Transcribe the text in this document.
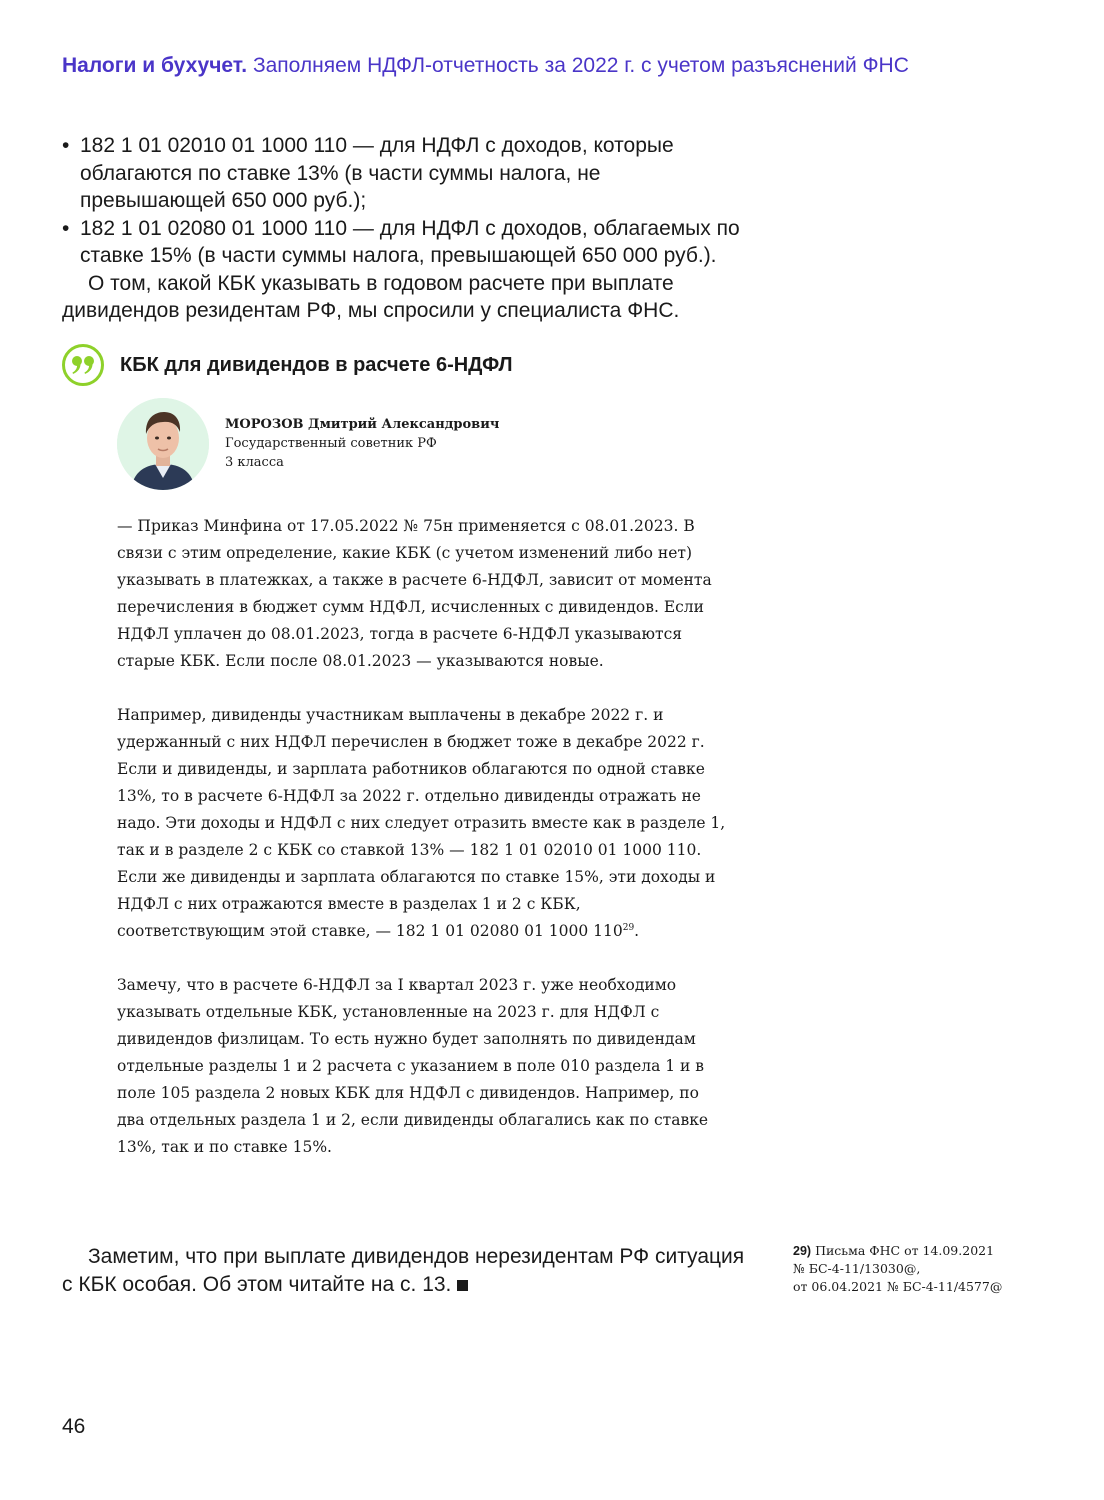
Налоги и бухучет. Заполняем НДФЛ-отчетность за 2022 г. с учетом разъяснений ФНС
• 182 1 01 02010 01 1000 110 — для НДФЛ с доходов, которые облагаются по ставке 13% (в части суммы налога, не превышающей 650 000 руб.);
• 182 1 01 02080 01 1000 110 — для НДФЛ с доходов, облагаемых по ставке 15% (в части суммы налога, превышающей 650 000 руб.).
О том, какой КБК указывать в годовом расчете при выплате дивидендов резидентам РФ, мы спросили у специалиста ФНС.
КБК для дивидендов в расчете 6-НДФЛ
МОРОЗОВ Дмитрий Александрович
Государственный советник РФ
3 класса

— Приказ Минфина от 17.05.2022 № 75н применяется с 08.01.2023. В связи с этим определение, какие КБК (с учетом изменений либо нет) указывать в платежках, а также в расчете 6-НДФЛ, зависит от момента перечисления в бюджет сумм НДФЛ, исчисленных с дивидендов. Если НДФЛ уплачен до 08.01.2023, тогда в расчете 6-НДФЛ указываются старые КБК. Если после 08.01.2023 — указываются новые.

Например, дивиденды участникам выплачены в декабре 2022 г. и удержанный с них НДФЛ перечислен в бюджет тоже в декабре 2022 г. Если и дивиденды, и зарплата работников облагаются по одной ставке 13%, то в расчете 6-НДФЛ за 2022 г. отдельно дивиденды отражать не надо. Эти доходы и НДФЛ с них следует отразить вместе как в разделе 1, так и в разделе 2 с КБК со ставкой 13% — 182 1 01 02010 01 1000 110. Если же дивиденды и зарплата облагаются по ставке 15%, эти доходы и НДФЛ с них отражаются вместе в разделах 1 и 2 с КБК, соответствующим этой ставке, — 182 1 01 02080 01 1000 $110^{29}$.

Замечу, что в расчете 6-НДФЛ за I квартал 2023 г. уже необходимо указывать отдельные КБК, установленные на 2023 г. для НДФЛ с дивидендов физлицам. То есть нужно будет заполнять по дивидендам отдельные разделы 1 и 2 расчета с указанием в поле 010 раздела 1 и в поле 105 раздела 2 новых КБК для НДФЛ с дивидендов. Например, по два отдельных раздела 1 и 2, если дивиденды облагались как по ставке 13%, так и по ставке 15%.

Заметим, что при выплате дивидендов нерезидентам РФ ситуация с КБК особая. Об этом читайте на с. 13.
29) Письма ФНС от 14.09.2021
№ БС-4-11/13030@,
от 06.04.2021 № БС-4-11/4577@
46
